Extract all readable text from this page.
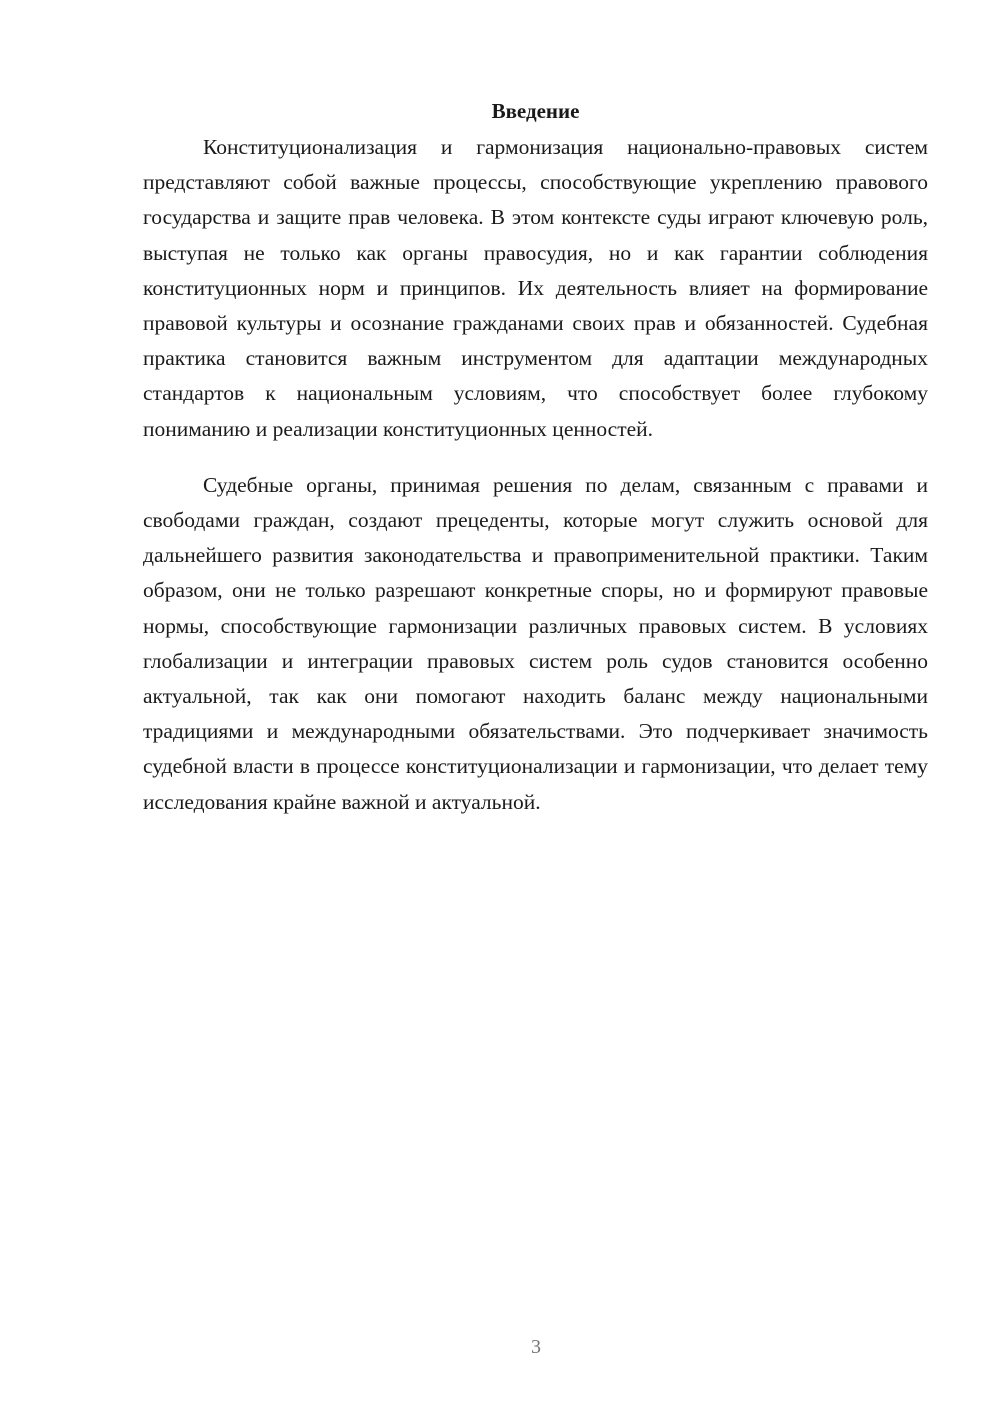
Введение

Конституционализация и гармонизация национально-правовых систем представляют собой важные процессы, способствующие укреплению правового государства и защите прав человека. В этом контексте суды играют ключевую роль, выступая не только как органы правосудия, но и как гарантии соблюдения конституционных норм и принципов. Их деятельность влияет на формирование правовой культуры и осознание гражданами своих прав и обязанностей. Судебная практика становится важным инструментом для адаптации международных стандартов к национальным условиям, что способствует более глубокому пониманию и реализации конституционных ценностей.

Судебные органы, принимая решения по делам, связанным с правами и свободами граждан, создают прецеденты, которые могут служить основой для дальнейшего развития законодательства и правоприменительной практики. Таким образом, они не только разрешают конкретные споры, но и формируют правовые нормы, способствующие гармонизации различных правовых систем. В условиях глобализации и интеграции правовых систем роль судов становится особенно актуальной, так как они помогают находить баланс между национальными традициями и международными обязательствами. Это подчеркивает значимость судебной власти в процессе конституционализации и гармонизации, что делает тему исследования крайне важной и актуальной.

3
